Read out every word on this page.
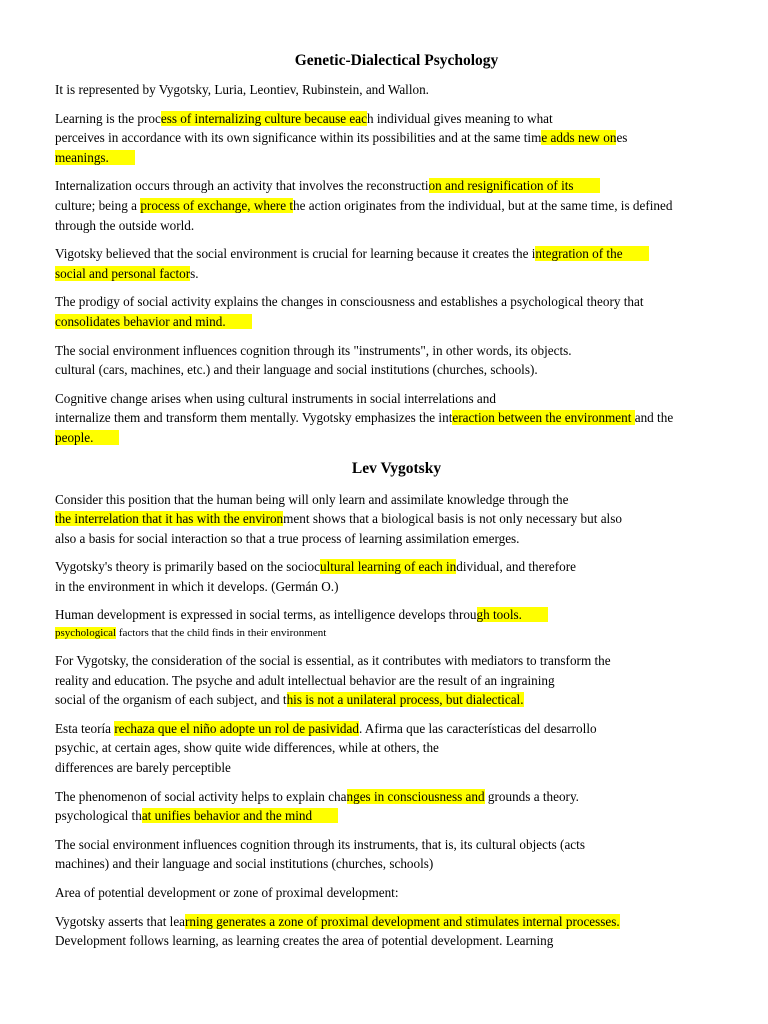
Genetic-Dialectical Psychology

It is represented by Vygotsky, Luria, Leontiev, Rubinstein, and Wallon.

Learning is the process of internalizing culture because each individual gives meaning to what
perceives in accordance with its own significance within its possibilities and at the same time adds new ones
meanings.

Internalization occurs through an activity that involves the reconstruction and resignification of its
culture; being a process of exchange, where the action originates from the individual, but at the same time, is defined
through the outside world.

Vigotsky believed that the social environment is crucial for learning because it creates the integration of the
social and personal factors.

The prodigy of social activity explains the changes in consciousness and establishes a psychological theory that
consolidates behavior and mind.

The social environment influences cognition through its "instruments", in other words, its objects.
cultural (cars, machines, etc.) and their language and social institutions (churches, schools).

Cognitive change arises when using cultural instruments in social interrelations and
internalize them and transform them mentally. Vygotsky emphasizes the interaction between the environment and the
people.

Lev Vygotsky

Consider this position that the human being will only learn and assimilate knowledge through the
the interrelation that it has with the environment shows that a biological basis is not only necessary but also
also a basis for social interaction so that a true process of learning assimilation emerges.

Vygotsky's theory is primarily based on the sociocultural learning of each individual, and therefore
in the environment in which it develops. (Germán O.)

Human development is expressed in social terms, as intelligence develops through tools.
psychological factors that the child finds in their environment

For Vygotsky, the consideration of the social is essential, as it contributes with mediators to transform the
reality and education. The psyche and adult intellectual behavior are the result of an ingraining
social of the organism of each subject, and this is not a unilateral process, but dialectical.

Esta teoría rechaza que el niño adopte un rol de pasividad. Afirma que las características del desarrollo
psychic, at certain ages, show quite wide differences, while at others, the
differences are barely perceptible

The phenomenon of social activity helps to explain changes in consciousness and grounds a theory.
psychological that unifies behavior and the mind

The social environment influences cognition through its instruments, that is, its cultural objects (acts
machines) and their language and social institutions (churches, schools)

Area of potential development or zone of proximal development:

Vygotsky asserts that learning generates a zone of proximal development and stimulates internal processes.
Development follows learning, as learning creates the area of potential development. Learning
